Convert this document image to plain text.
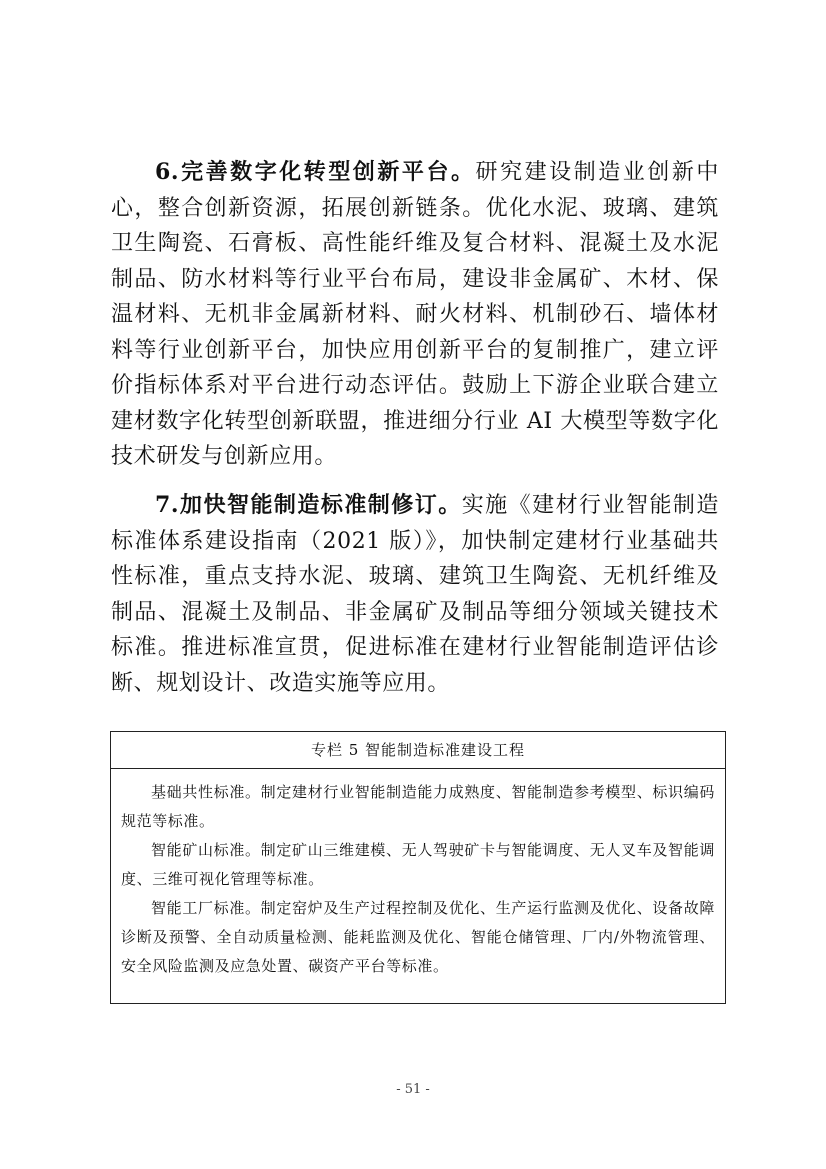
6.完善数字化转型创新平台。研究建设制造业创新中心，整合创新资源，拓展创新链条。优化水泥、玻璃、建筑卫生陶瓷、石膏板、高性能纤维及复合材料、混凝土及水泥制品、防水材料等行业平台布局，建设非金属矿、木材、保温材料、无机非金属新材料、耐火材料、机制砂石、墙体材料等行业创新平台，加快应用创新平台的复制推广，建立评价指标体系对平台进行动态评估。鼓励上下游企业联合建立建材数字化转型创新联盟，推进细分行业 AI 大模型等数字化技术研发与创新应用。

7.加快智能制造标准制修订。实施《建材行业智能制造标准体系建设指南（2021 版）》，加快制定建材行业基础共性标准，重点支持水泥、玻璃、建筑卫生陶瓷、无机纤维及制品、混凝土及制品、非金属矿及制品等细分领域关键技术标准。推进标准宣贯，促进标准在建材行业智能制造评估诊断、规划设计、改造实施等应用。

专栏 5 智能制造标准建设工程

基础共性标准。制定建材行业智能制造能力成熟度、智能制造参考模型、标识编码规范等标准。

智能矿山标准。制定矿山三维建模、无人驾驶矿卡与智能调度、无人叉车及智能调度、三维可视化管理等标准。

智能工厂标准。制定窑炉及生产过程控制及优化、生产运行监测及优化、设备故障诊断及预警、全自动质量检测、能耗监测及优化、智能仓储管理、厂内/外物流管理、安全风险监测及应急处置、碳资产平台等标准。

- 51 -
